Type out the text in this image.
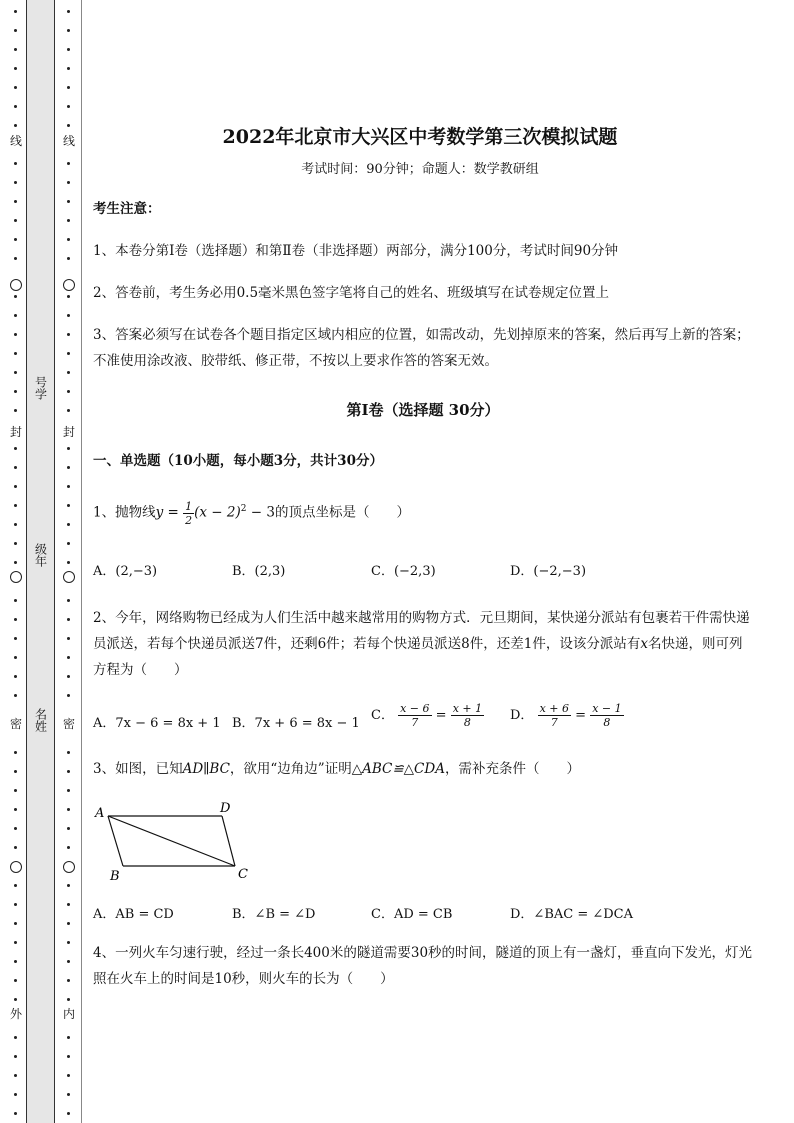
线
封
密
外
号学
级年
名姓
线
封
密
内
2022年北京市大兴区中考数学第三次模拟试题
考试时间：90分钟；命题人：数学教研组
考生注意：
1、本卷分第Ⅰ卷（选择题）和第Ⅱ卷（非选择题）两部分，满分100分，考试时间90分钟
2、答卷前，考生务必用0.5毫米黑色签字笔将自己的姓名、班级填写在试卷规定位置上
3、答案必须写在试卷各个题目指定区域内相应的位置，如需改动，先划掉原来的答案，然后再写上新的答案；不准使用涂改液、胶带纸、修正带，不按以上要求作答的答案无效。
第Ⅰ卷（选择题 30分）
一、单选题（10小题，每小题3分，共计30分）
1、抛物线$y = \frac{1}{2} (x - 2)^2 - 3$的顶点坐标是（　　）
A．(2,−3)	B．(2,3)	C．(−2,3)	D．(−2,−3)
2、今年，网络购物已经成为人们生活中越来越常用的购物方式．元旦期间，某快递分派站有包裹若干件需快递员派送，若每个快递员派送7件，还剩6件；若每个快递员派送8件，还差1件，设该分派站有x名快递，则可列方程为（　　）
A．7x − 6 = 8x + 1 B．7x + 6 = 8x − 1
C． $\frac{x - 6}{7} = \frac{x + 1}{8}$ D． $\frac{x + 6}{7} = \frac{x - 1}{8}$
3、如图，已知AD∥BC，欲用“边角边”证明△ABC≌△CDA，需补充条件（　　）
A	D
B	C
A．AB = CD	B．∠B = ∠D	C．AD = CB	D．∠BAC = ∠DCA
4、一列火车匀速行驶，经过一条长400米的隧道需要30秒的时间，隧道的顶上有一盏灯，垂直向下发光，灯光照在火车上的时间是10秒，则火车的长为（　　）
